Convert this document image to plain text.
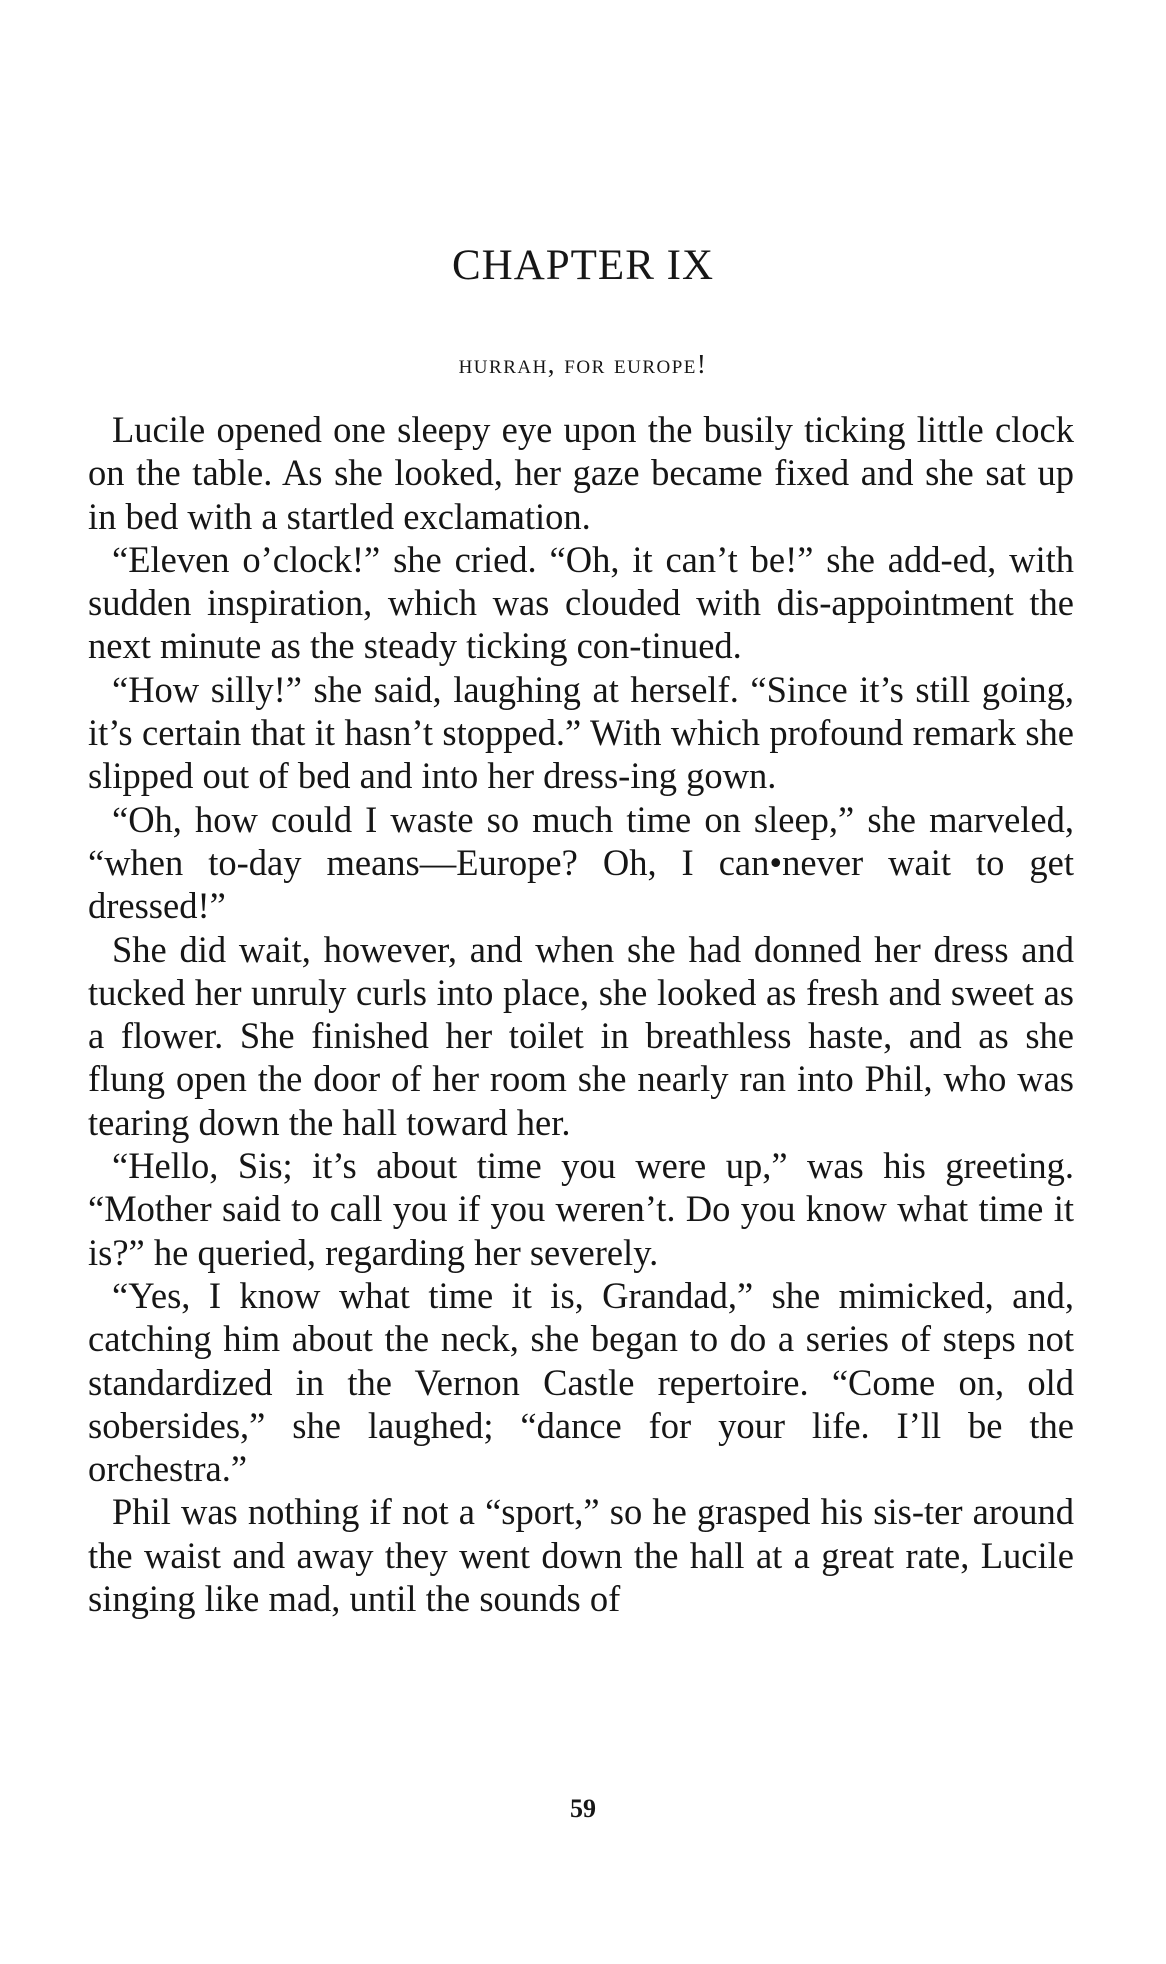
CHAPTER IX
hurrah, for europe!

Lucile opened one sleepy eye upon the busily ticking little clock on the table. As she looked, her gaze became fixed and she sat up in bed with a startled exclamation.

“Eleven o’clock!” she cried. “Oh, it can’t be!” she add-ed, with sudden inspiration, which was clouded with dis-appointment the next minute as the steady ticking con-tinued.

“How silly!” she said, laughing at herself. “Since it’s still going, it’s certain that it hasn’t stopped.” With which profound remark she slipped out of bed and into her dress-ing gown.

“Oh, how could I waste so much time on sleep,” she marveled, “when to-day means—Europe? Oh, I can•never wait to get dressed!”

She did wait, however, and when she had donned her dress and tucked her unruly curls into place, she looked as fresh and sweet as a flower. She finished her toilet in breathless haste, and as she flung open the door of her room she nearly ran into Phil, who was tearing down the hall toward her.

“Hello, Sis; it’s about time you were up,” was his greeting. “Mother said to call you if you weren’t. Do you know what time it is?” he queried, regarding her severely.

“Yes, I know what time it is, Grandad,” she mimicked, and, catching him about the neck, she began to do a series of steps not standardized in the Vernon Castle repertoire. “Come on, old sobersides,” she laughed; “dance for your life. I’ll be the orchestra.”

Phil was nothing if not a “sport,” so he grasped his sis-ter around the waist and away they went down the hall at a great rate, Lucile singing like mad, until the sounds of

59
